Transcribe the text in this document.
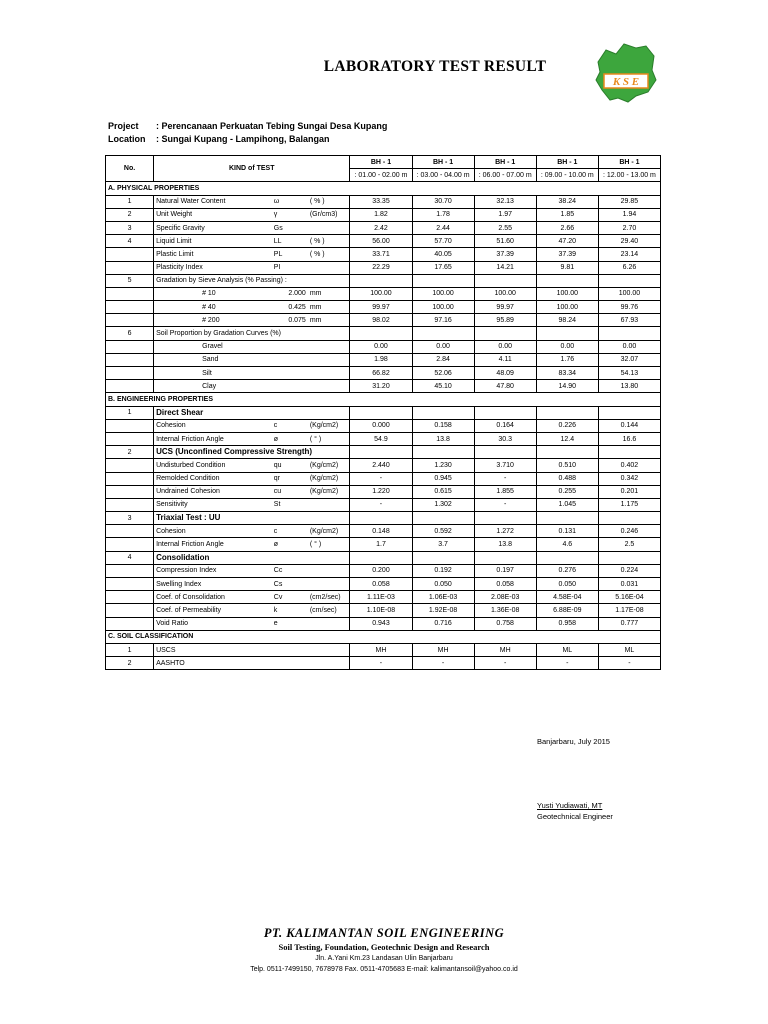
LABORATORY TEST RESULT
K S E
Project : Perencanaan Perkuatan Tebing Sungai Desa Kupang
Location : Sungai Kupang - Lampihong, Balangan
No.	KIND of TEST			BH - 1	BH - 1	BH - 1	BH - 1	BH - 1
				: 01.00 - 02.00 m	: 03.00 - 04.00 m	: 06.00 - 07.00 m	: 09.00 - 10.00 m	: 12.00 - 13.00 m
A. PHYSICAL PROPERTIES								
1	Natural Water Content	ω	( % )	33.35	30.70	32.13	38.24	29.85
2	Unit Weight	γ	(Gr/cm3)	1.82	1.78	1.97	1.85	1.94
3	Specific Gravity	Gs		2.42	2.44	2.55	2.66	2.70
4	Liquid Limit	LL	( % )	56.00	57.70	51.60	47.20	29.40
	Plastic Limit	PL	( % )	33.71	40.05	37.39	37.39	23.14
	Plasticity Index	PI		22.29	17.65	14.21	9.81	6.26
5	Gradation by Sieve Analysis (% Passing) :							
	# 10	2.000	mm	100.00	100.00	100.00	100.00	100.00
	# 40	0.425	mm	99.97	100.00	99.97	100.00	99.76
	# 200	0.075	mm	98.02	97.16	95.89	98.24	67.93
6	Soil Proportion by Gradation Curves (%)							
	Gravel			0.00	0.00	0.00	0.00	0.00
	Sand			1.98	2.84	4.11	1.76	32.07
	Silt			66.82	52.06	48.09	83.34	54.13
	Clay			31.20	45.10	47.80	14.90	13.80
B. ENGINEERING PROPERTIES								
1	Direct Shear							
	Cohesion	c	(Kg/cm2)	0.000	0.158	0.164	0.226	0.144
	Internal Friction Angle	ø	( ° )	54.9	13.8	30.3	12.4	16.6
2	UCS (Unconfined Compressive Strength)							
	Undisturbed Condition	qu	(Kg/cm2)	2.440	1.230	3.710	0.510	0.402
	Remolded Condition	qr	(Kg/cm2)	-	0.945	-	0.488	0.342
	Undrained Cohesion	cu	(Kg/cm2)	1.220	0.615	1.855	0.255	0.201
	Sensitivity	St		-	1.302	-	1.045	1.175
3	Triaxial Test : UU							
	Cohesion	c	(Kg/cm2)	0.148	0.592	1.272	0.131	0.246
	Internal Friction Angle	ø	( ° )	1.7	3.7	13.8	4.6	2.5
4	Consolidation							
	Compression Index	Cc		0.200	0.192	0.197	0.276	0.224
	Swelling Index	Cs		0.058	0.050	0.058	0.050	0.031
	Coef. of Consolidation	Cv	(cm2/sec)	1.11E-03	1.06E-03	2.08E-03	4.58E-04	5.16E-04
	Coef. of Permeability	k	(cm/sec)	1.10E-08	1.92E-08	1.36E-08	6.88E-09	1.17E-08
	Void Ratio	e		0.943	0.716	0.758	0.958	0.777
C. SOIL CLASSIFICATION								
1	USCS			MH	MH	MH	ML	ML
2	AASHTO			-	-	-	-	-
Banjarbaru, July 2015
Yusti Yudiawati, MT
Geotechnical Engineer
PT. KALIMANTAN SOIL ENGINEERING
Soil Testing, Foundation, Geotechnic Design and Research
Jln. A.Yani Km.23 Landasan Ulin Banjarbaru
Telp. 0511-7499150, 7678978 Fax. 0511-4705683 E-mail: kalimantansoil@yahoo.co.id
